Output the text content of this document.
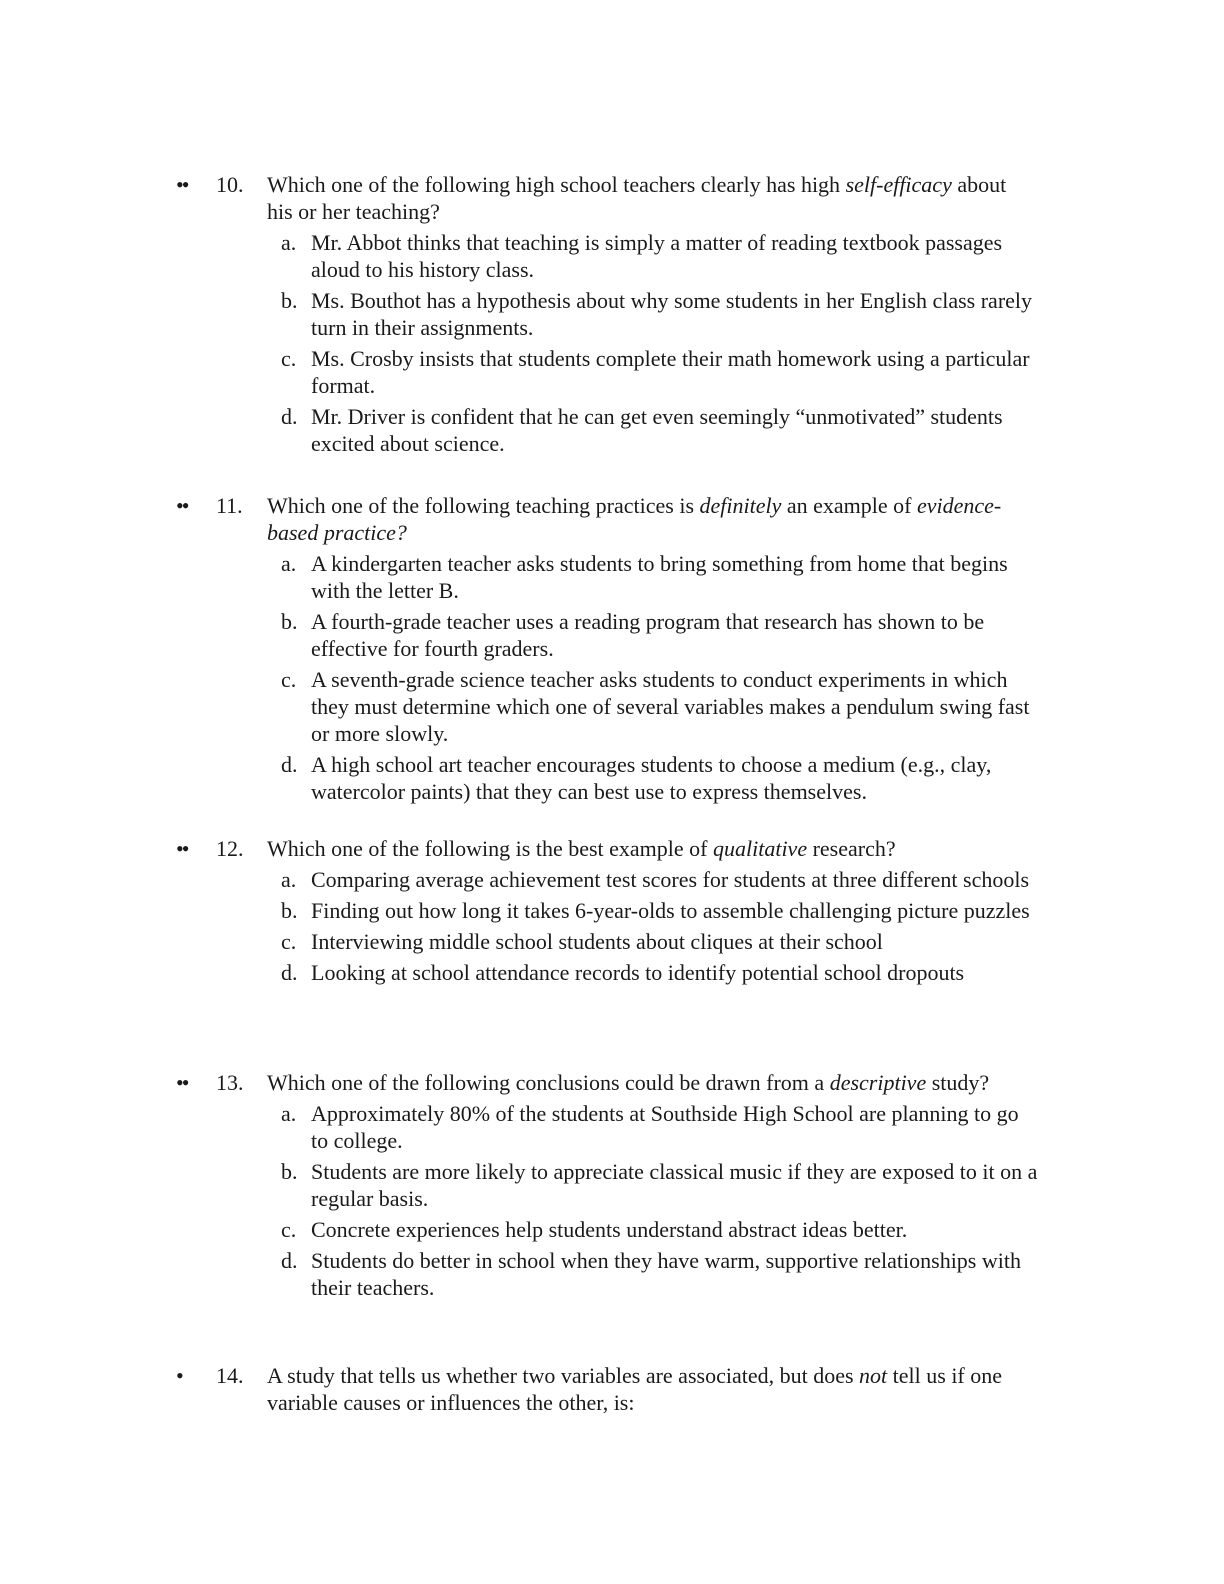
•• 10. Which one of the following high school teachers clearly has high self-efficacy about his or her teaching?
a. Mr. Abbot thinks that teaching is simply a matter of reading textbook passages aloud to his history class.
b. Ms. Bouthot has a hypothesis about why some students in her English class rarely turn in their assignments.
c. Ms. Crosby insists that students complete their math homework using a particular format.
d. Mr. Driver is confident that he can get even seemingly “unmotivated” students excited about science.
•• 11. Which one of the following teaching practices is definitely an example of evidence-based practice?
a. A kindergarten teacher asks students to bring something from home that begins with the letter B.
b. A fourth-grade teacher uses a reading program that research has shown to be effective for fourth graders.
c. A seventh-grade science teacher asks students to conduct experiments in which they must determine which one of several variables makes a pendulum swing fast or more slowly.
d. A high school art teacher encourages students to choose a medium (e.g., clay, watercolor paints) that they can best use to express themselves.
•• 12. Which one of the following is the best example of qualitative research?
a. Comparing average achievement test scores for students at three different schools
b. Finding out how long it takes 6-year-olds to assemble challenging picture puzzles
c. Interviewing middle school students about cliques at their school
d. Looking at school attendance records to identify potential school dropouts
•• 13. Which one of the following conclusions could be drawn from a descriptive study?
a. Approximately 80% of the students at Southside High School are planning to go to college.
b. Students are more likely to appreciate classical music if they are exposed to it on a regular basis.
c. Concrete experiences help students understand abstract ideas better.
d. Students do better in school when they have warm, supportive relationships with their teachers.
• 14. A study that tells us whether two variables are associated, but does not tell us if one variable causes or influences the other, is:
